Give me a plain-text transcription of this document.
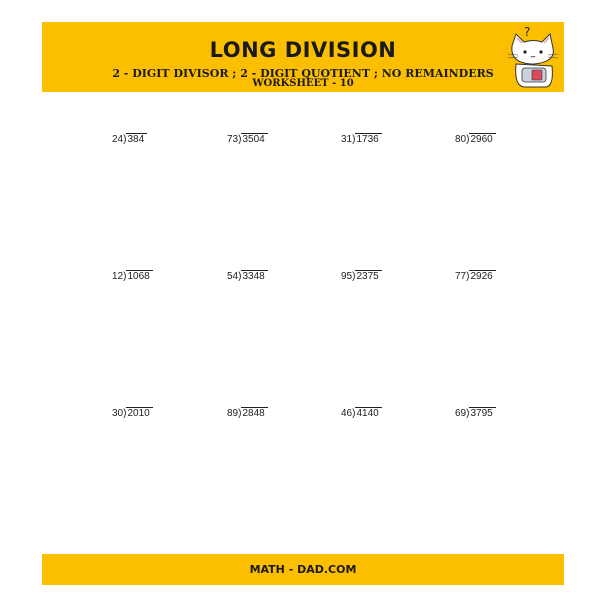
LONG DIVISION
2 - DIGIT DIVISOR ; 2 - DIGIT QUOTIENT ; NO REMAINDERS
WORKSHEET - 10
?
24)384	73)3504	31)1736	80)2960
12)1068	54)3348	95)2375	77)2926
30)2010	89)2848	46)4140	69)3795
MATH - DAD.COM
